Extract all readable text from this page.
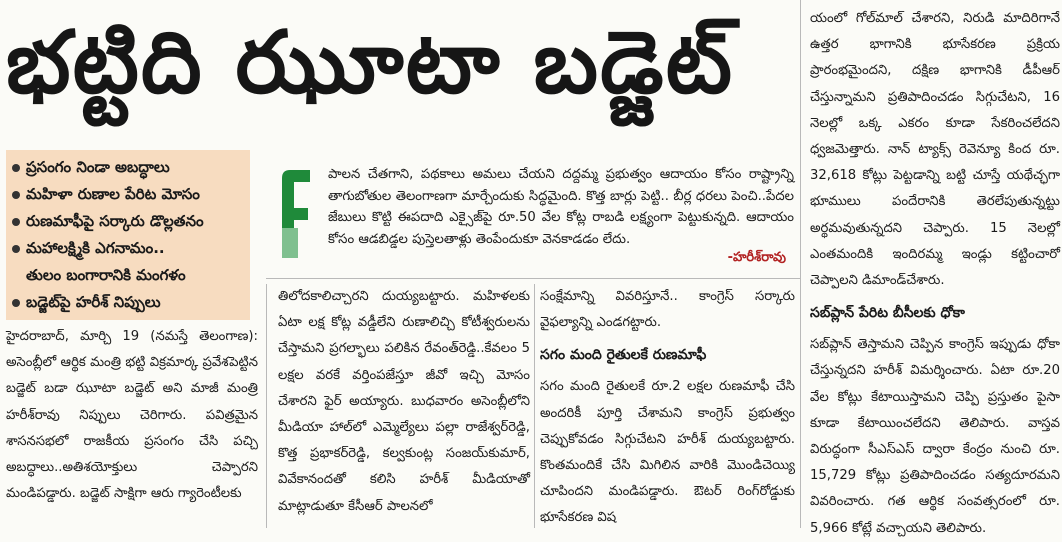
భట్టిది ఝూటా బడ్జెట్
ప్రసంగం నిండా అబద్ధాలు
మహిళా రుణాల పేరిట మోసం
రుణమాఫీపై సర్కారు డొల్లతనం
మహాలక్ష్మికి ఎగనామం..
తులం బంగారానికి మంగళం
బడ్జెట్‌పై హరీశ్‌ నిప్పులు
పాలన చేతగాని, పథకాలు అమలు చేయని దద్దమ్మ ప్రభుత్వం ఆదాయం కోసం రాష్ట్రాన్ని తాగుబోతుల తెలంగాణగా మార్చేందుకు సిద్ధమైంది. కొత్త బార్లు పెట్టి.. బీర్ల ధరలు పెంచి..పేదల జేబులు కొట్టి ఈపదాది ఎక్సైజ్‌పై రూ.50 వేల కోట్ల రాబడి లక్ష్యంగా పెట్టుకున్నది. ఆదాయం కోసం ఆడబిడ్డల పుస్తెలతాళ్లు తెంపేందుకూ వెనకాడడం లేదు.
-హరీశ్‌రావు

హైదరాబాద్‌, మార్చి 19 (నమస్తే తెలంగాణ): అసెంబ్లీలో ఆర్థిక మంత్రి భట్టి విక్రమార్క ప్రవేశపెట్టిన బడ్జెట్‌ బడా ఝూటా బడ్జెట్‌ అని మాజీ మంత్రి హరీశ్‌రావు నిప్పులు చెరిగారు. పవిత్రమైన శాసనసభలో రాజకీయ ప్రసంగం చేసి పచ్చి అబద్ధాలు..అతిశయోక్తులు చెప్పారని మండిపడ్డారు. బడ్జెట్‌ సాక్షిగా ఆరు గ్యారెంటీలకు

తిలోదకాలిచ్చారని దుయ్యబట్టారు. మహిళలకు ఏటా లక్ష కోట్ల వడ్డీలేని రుణాలిచ్చి కోటీశ్వరులను చేస్తామని ప్రగల్భాలు పలికిన రేవంత్‌రెడ్డి..కేవలం 5 లక్షల వరకే వర్తింపజేస్తూ జీవో ఇచ్చి మోసం చేశారని ఫైర్‌ అయ్యారు. బుధవారం అసెంబ్లీలోని మీడియా హాల్‌లో ఎమ్మెల్యేలు పల్లా రాజేశ్వర్‌రెడ్డి, కొత్త ప్రభాకర్‌రెడ్డి, కల్వకుంట్ల సంజయ్‌కుమార్‌, వివేకానందతో కలిసి హరీశ్‌ మీడియాతో మాట్లాడుతూ కేసీఆర్‌ పాలనలో

సంక్షేమాన్ని వివరిస్తూనే.. కాంగ్రెస్‌ సర్కారు వైఫల్యాన్ని ఎండగట్టారు.

సగం మంది రైతులకే రుణమాఫీ

సగం మంది రైతులకే రూ.2 లక్షల రుణమాఫీ చేసి అందరికీ పూర్తి చేశామని కాంగ్రెస్‌ ప్రభుత్వం చెప్పుకోవడం సిగ్గుచేటని హరీశ్‌ దుయ్యబట్టారు. కొంతమందికే చేసి మిగిలిన వారికి మొండిచెయ్యి చూపిందని మండిపడ్డారు. ఔటర్‌ రింగ్‌రోడ్డుకు భూసేకరణ విష

యంలో గోల్‌మాల్‌ చేశారని, నిరుడి మాదిరిగానే ఉత్తర భాగానికి భూసేకరణ ప్రక్రియ ప్రారంభమైందని, దక్షిణ భాగానికి డీపీఆర్‌ చేస్తున్నామని ప్రతిపాదించడం సిగ్గుచేటని, 16 నెలల్లో ఒక్క ఎకరం కూడా సేకరించలేదని ధ్వజమెత్తారు. నాన్‌ ట్యాక్స్‌ రెవెన్యూ కింద రూ. 32,618 కోట్లు పెట్టడాన్ని బట్టి చూస్తే యథేచ్ఛగా భూములు పందేరానికి తెరలేపుతున్నట్టు అర్థమవుతున్నదని చెప్పారు. 15 నెలల్లో ఎంతమందికి ఇందిరమ్మ ఇండ్లు కట్టించారో చెప్పాలని డిమాండ్‌చేశారు.

సబ్‌ప్లాన్‌ పేరిట బీసీలకు ధోకా

సబ్‌ప్లాన్‌ తెస్తామని చెప్పిన కాంగ్రెస్‌ ఇప్పుడు ధోకా చేస్తున్నదని హరీశ్‌ విమర్శించారు. ఏటా రూ.20 వేల కోట్లు కేటాయిస్తామని చెప్పి ప్రస్తుతం పైసా కూడా కేటాయించలేదని తెలిపారు. వాస్తవ విరుద్ధంగా సీఎస్‌ఎస్‌ ద్వారా కేంద్రం నుంచి రూ. 15,729 కోట్లు ప్రతిపాదించడం సత్యదూరమని వివరించారు. గత ఆర్థిక సంవత్సరంలో రూ. 5,966 కోట్లే వచ్చాయని తెలిపారు.
